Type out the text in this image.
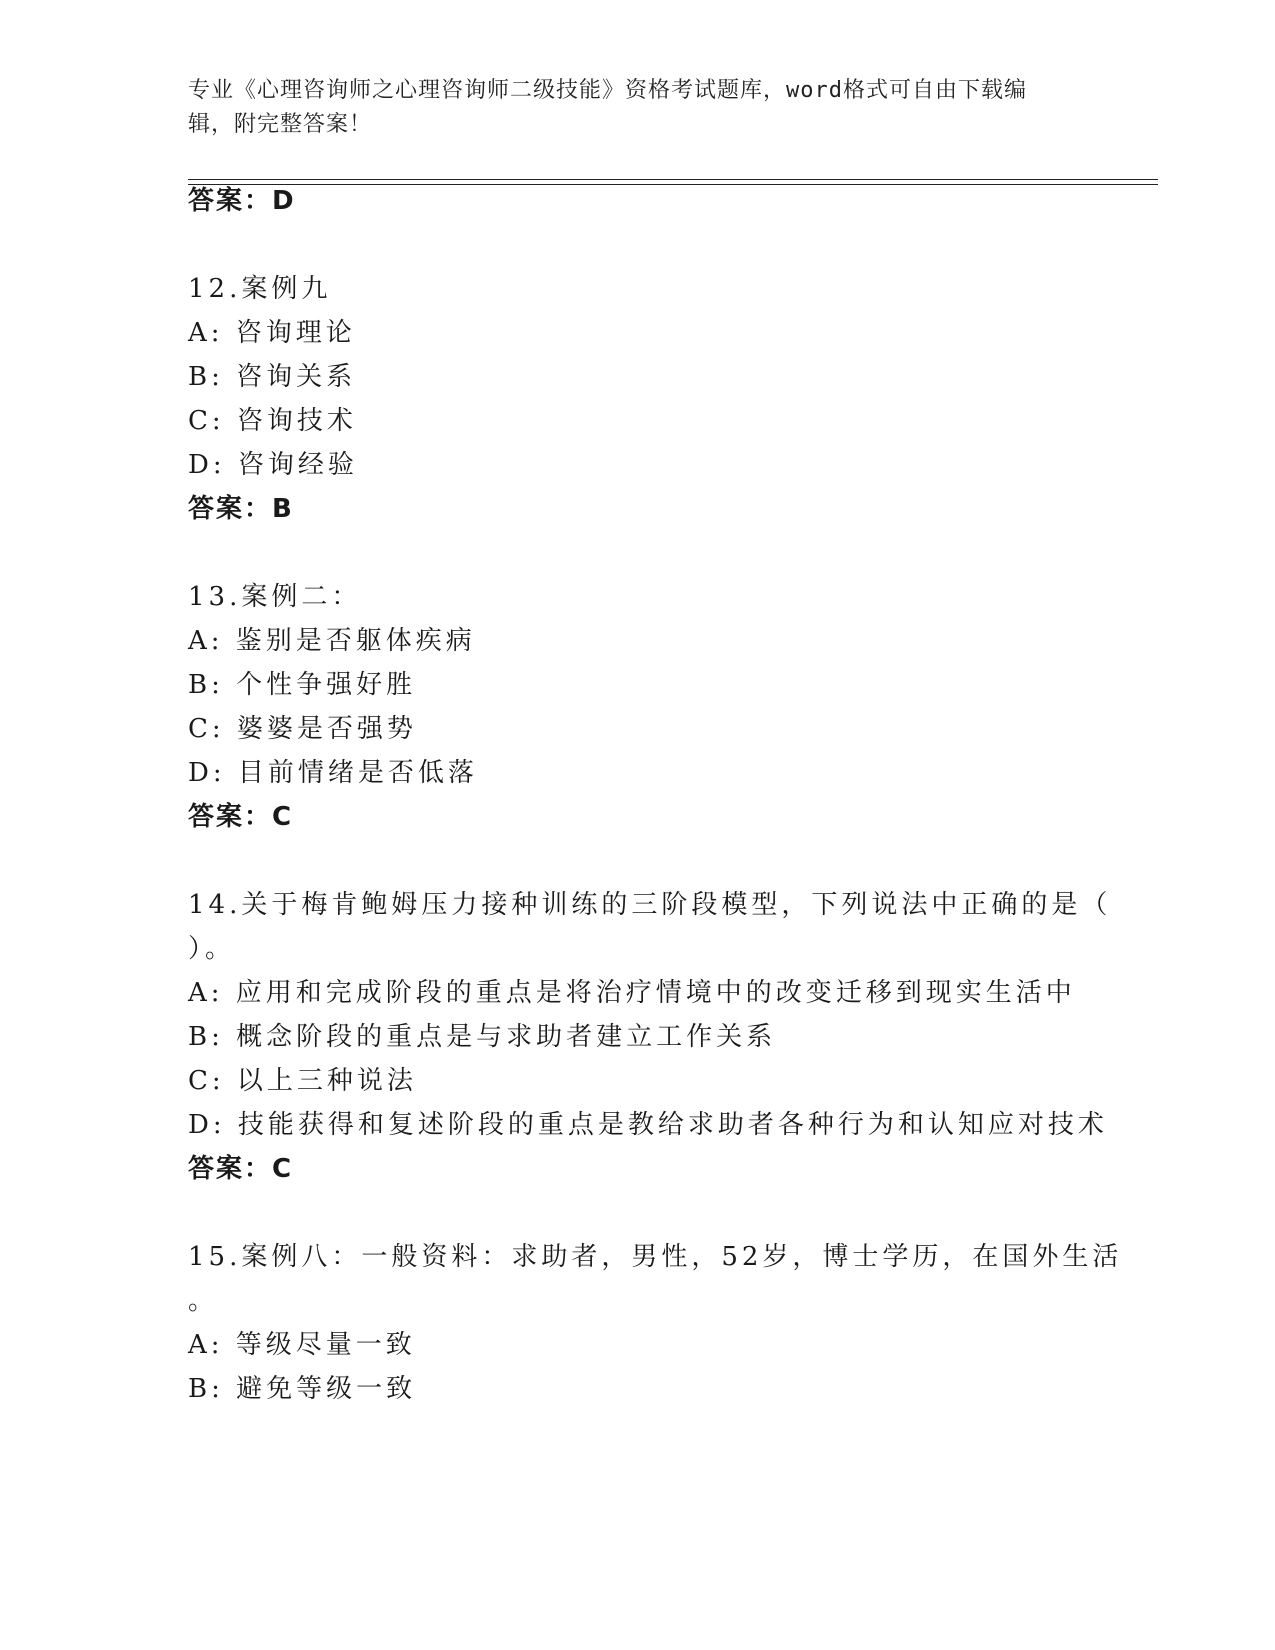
专业《心理咨询师之心理咨询师二级技能》资格考试题库，word格式可自由下载编辑，附完整答案！
答案：D
12.案例九
A: 咨询理论
B: 咨询关系
C: 咨询技术
D: 咨询经验
答案：B
13.案例二：
A: 鉴别是否躯体疾病
B: 个性争强好胜
C: 婆婆是否强势
D: 目前情绪是否低落
答案：C
14.关于梅肯鲍姆压力接种训练的三阶段模型，下列说法中正确的是（
）。
A: 应用和完成阶段的重点是将治疗情境中的改变迁移到现实生活中
B: 概念阶段的重点是与求助者建立工作关系
C: 以上三种说法
D: 技能获得和复述阶段的重点是教给求助者各种行为和认知应对技术
答案：C
15.案例八：一般资料：求助者，男性，52岁，博士学历，在国外生活
。
A: 等级尽量一致
B: 避免等级一致
